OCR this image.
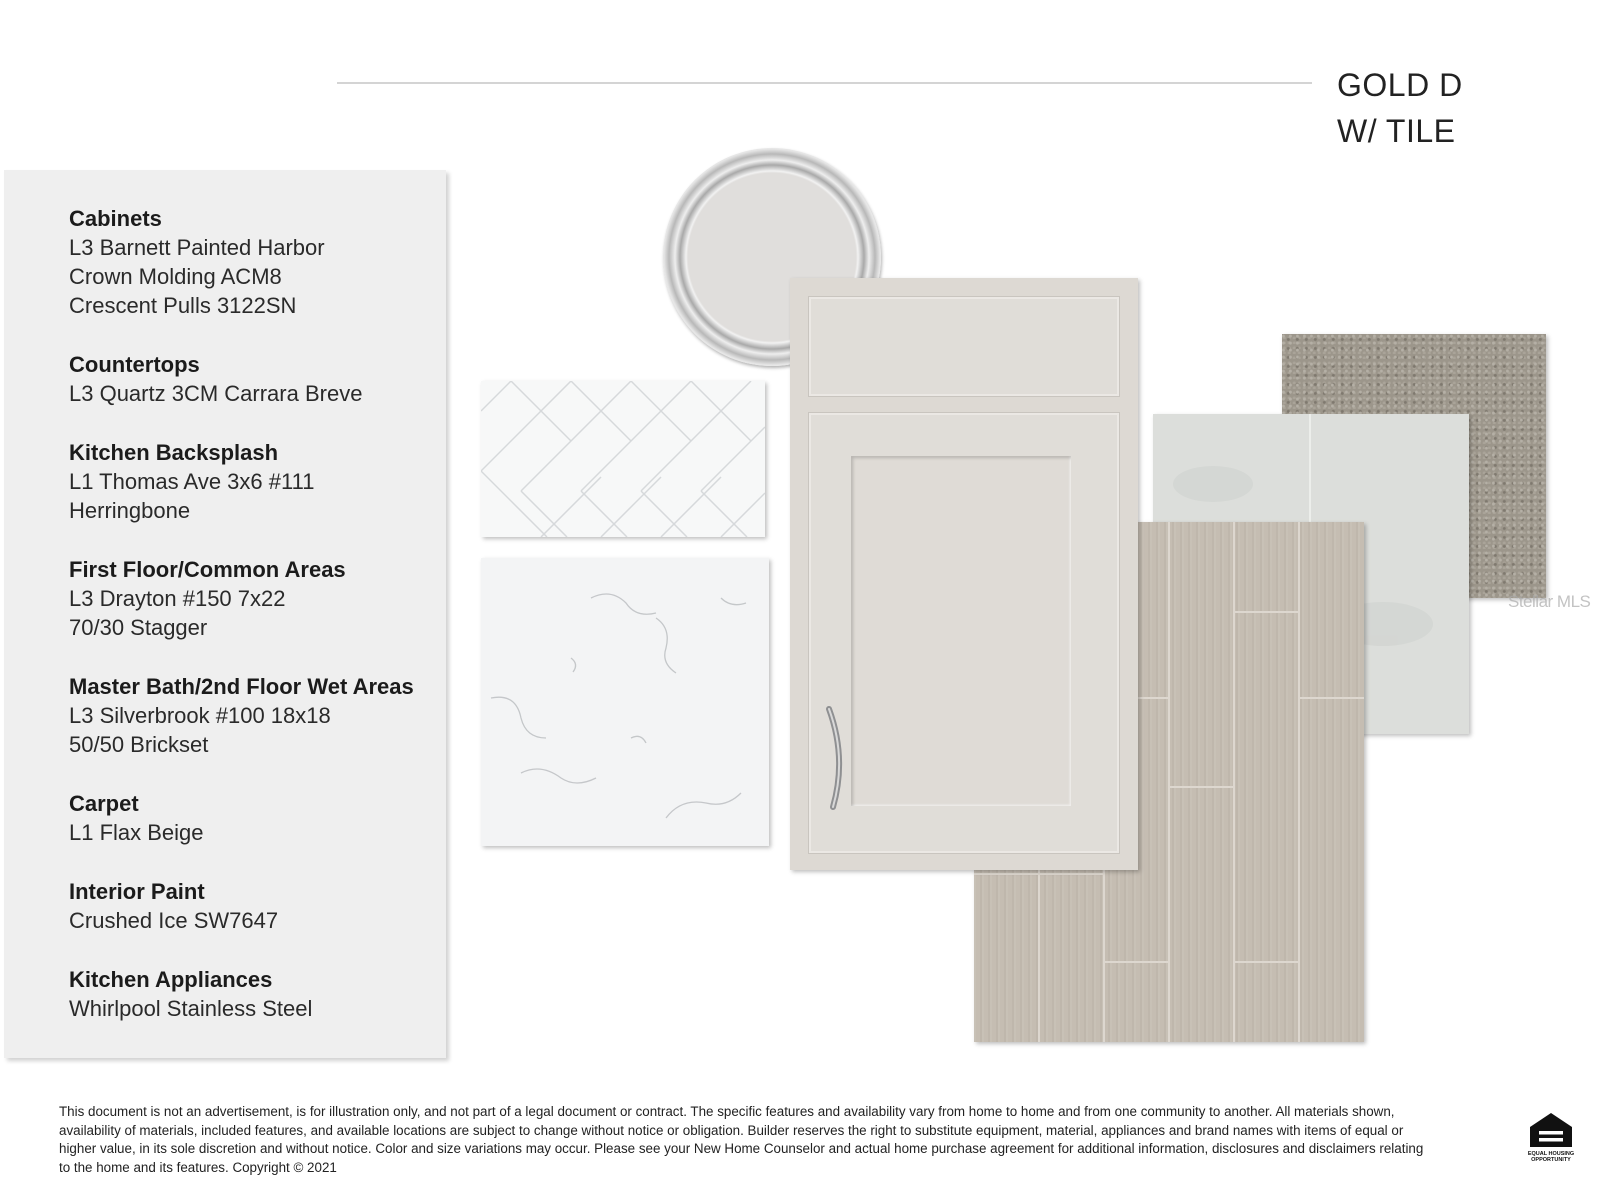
GOLD D
W/ TILE
Cabinets
L3 Barnett Painted Harbor
Crown Molding ACM8
Crescent Pulls 3122SN
Countertops
L3 Quartz 3CM Carrara Breve
Kitchen Backsplash
L1 Thomas Ave 3x6 #111
Herringbone
First Floor/Common Areas
L3 Drayton #150 7x22
70/30 Stagger
Master Bath/2nd Floor Wet Areas
L3 Silverbrook #100 18x18
50/50 Brickset
Carpet
L1 Flax Beige
Interior Paint
Crushed Ice SW7647
Kitchen Appliances
Whirlpool Stainless Steel
Stellar MLS
This document is not an advertisement, is for illustration only, and not part of a legal document or contract. The specific features and availability vary from home to home and from one community to another. All materials shown, availability of materials, included features, and available locations are subject to change without notice or obligation. Builder reserves the right to substitute equipment, material, appliances and brand names with items of equal or higher value, in its sole discretion and without notice. Color and size variations may occur. Please see your New Home Counselor and actual home purchase agreement for additional information, disclosures and disclaimers relating to the home and its features. Copyright © 2021
EQUAL HOUSING
OPPORTUNITY
